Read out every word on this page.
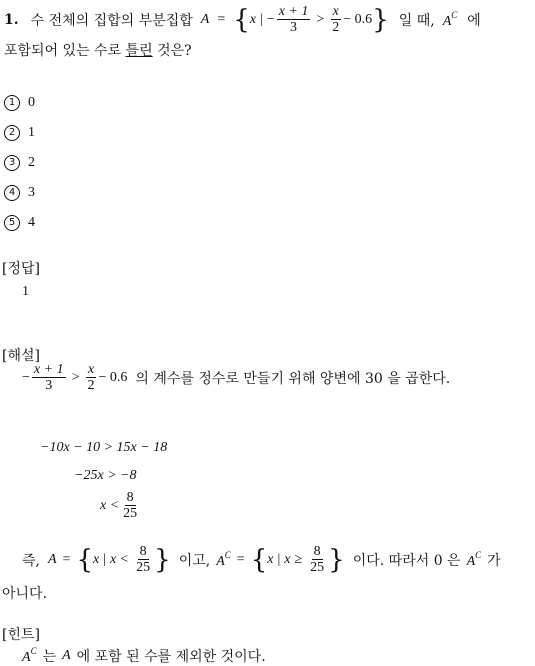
1. 수 전체의 집합의 부분집합 A = { x | − $\frac{x + 1}{3} > \frac{x}{2} - 0.6$ } 일 때, $A^C$ 에
포함되어 있는 수로 틀린 것은?
1 0
2 1
3 2
4 3
5 4
[정답]
1
[해설]
− $\frac{x + 1}{3} > \frac{x}{2} - 0.6$ 의 계수를 정수로 만들기 위해 양변에 30 을 곱한다.
−10x − 10 > 15x − 18
−25x > −8
$x < \frac{8}{25}$
즉, A = { x | $x < \frac{8}{25}$ } 이고, $A^C$ = { x | $x \ge \frac{8}{25}$ } 이다. 따라서 0 은 $A^C$ 가
아니다.
[힌트]
$A^C$ 는 A 에 포함 된 수를 제외한 것이다.
